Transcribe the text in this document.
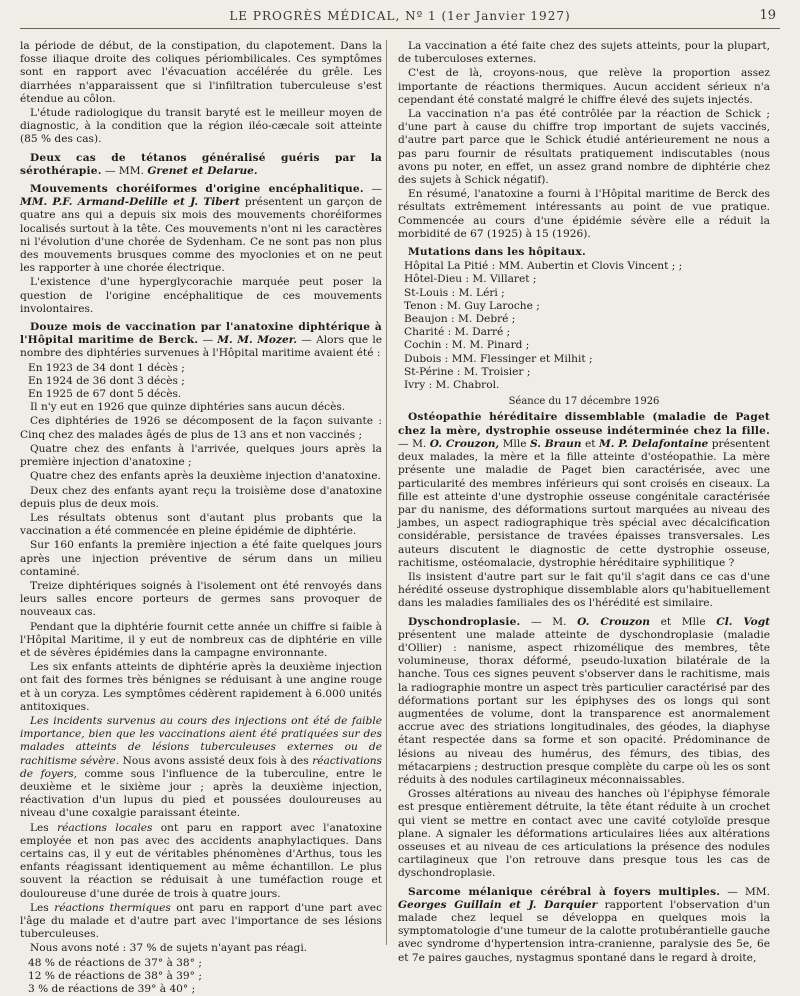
LE PROGRÈS MÉDICAL, Nº 1 (1er Janvier 1927)	19

la période de début, de la constipation, du clapotement. Dans la fosse iliaque droite des coliques périombilicales. Ces symptômes sont en rapport avec l'évacuation accélérée du grêle. Les diarrhées n'apparaissent que si l'infiltration tuberculeuse s'est étendue au côlon.

L'étude radiologique du transit baryté est le meilleur moyen de diagnostic, à la condition que la région iléo-cæcale soit atteinte (85 % des cas).

Deux cas de tétanos généralisé guéris par la sérothérapie. — MM. Grenet et Delarue.

Mouvements choréiformes d'origine encéphalitique. — MM. P.F. Armand-Delille et J. Tibert présentent un garçon de quatre ans qui a depuis six mois des mouvements choréiformes localisés surtout à la tête. Ces mouvements n'ont ni les caractères ni l'évolution d'une chorée de Sydenham. Ce ne sont pas non plus des mouvements brusques comme des myoclonies et on ne peut les rapporter à une chorée électrique.

L'existence d'une hyperglycorachie marquée peut poser la question de l'origine encéphalitique de ces mouvements involontaires.

Douze mois de vaccination par l'anatoxine diphtérique à l'Hôpital maritime de Berck. — M. M. Mozer. — Alors que le nombre des diphtéries survenues à l'Hôpital maritime avaient été :

En 1923 de 34 dont 1 décès ;
En 1924 de 36 dont 3 décès ;
En 1925 de 67 dont 5 décès.

Il n'y eut en 1926 que quinze diphtéries sans aucun décès.

Ces diphtéries de 1926 se décomposent de la façon suivante : Cinq chez des malades âgés de plus de 13 ans et non vaccinés ;

Quatre chez des enfants à l'arrivée, quelques jours après la première injection d'anatoxine ;

Quatre chez des enfants après la deuxième injection d'anatoxine.

Deux chez des enfants ayant reçu la troisième dose d'anatoxine depuis plus de deux mois.

Les résultats obtenus sont d'autant plus probants que la vaccination a été commencée en pleine épidémie de diphtérie.

Sur 160 enfants la première injection a été faite quelques jours après une injection préventive de sérum dans un milieu contaminé.

Treize diphtériques soignés à l'isolement ont été renvoyés dans leurs salles encore porteurs de germes sans provoquer de nouveaux cas.

Pendant que la diphtérie fournit cette année un chiffre si faible à l'Hôpital Maritime, il y eut de nombreux cas de diphtérie en ville et de sévères épidémies dans la campagne environnante.

Les six enfants atteints de diphtérie après la deuxième injection ont fait des formes très bénignes se réduisant à une angine rouge et à un coryza. Les symptômes cédèrent rapidement à 6.000 unités antitoxiques.

Les incidents survenus au cours des injections ont été de faible importance, bien que les vaccinations aient été pratiquées sur des malades atteints de lésions tuberculeuses externes ou de rachitisme sévère. Nous avons assisté deux fois à des réactivations de foyers, comme sous l'influence de la tuberculine, entre le deuxième et le sixième jour ; après la deuxième injection, réactivation d'un lupus du pied et poussées douloureuses au niveau d'une coxalgie paraissant éteinte.

Les réactions locales ont paru en rapport avec l'anatoxine employée et non pas avec des accidents anaphylactiques. Dans certains cas, il y eut de véritables phénomènes d'Arthus, tous les enfants réagissant identiquement au même échantillon. Le plus souvent la réaction se réduisait à une tuméfaction rouge et douloureuse d'une durée de trois à quatre jours.

Les réactions thermiques ont paru en rapport d'une part avec l'âge du malade et d'autre part avec l'importance de ses lésions tuberculeuses.

Nous avons noté : 37 % de sujets n'ayant pas réagi.

48 % de réactions de 37° à 38° ;
12 % de réactions de 38° à 39° ;
3 % de réactions de 39° à 40° ;

La vaccination a été faite chez des sujets atteints, pour la plupart, de tuberculoses externes.

C'est de là, croyons-nous, que relève la proportion assez importante de réactions thermiques. Aucun accident sérieux n'a cependant été constaté malgré le chiffre élevé des sujets injectés.

La vaccination n'a pas été contrôlée par la réaction de Schick ; d'une part à cause du chiffre trop important de sujets vaccinés, d'autre part parce que le Schick étudié antérieurement ne nous a pas paru fournir de résultats pratiquement indiscutables (nous avons pu noter, en effet, un assez grand nombre de diphtérie chez des sujets à Schick négatif).

En résumé, l'anatoxine a fourni à l'Hôpital maritime de Berck des résultats extrêmement intéressants au point de vue pratique. Commencée au cours d'une épidémie sévère elle a réduit la morbidité de 67 (1925) à 15 (1926).

Mutations dans les hôpitaux.

Hôpital La Pitié : MM. Aubertin et Clovis Vincent ; ;
Hôtel-Dieu : M. Villaret ;
St-Louis : M. Léri ;
Tenon : M. Guy Laroche ;
Beaujon : M. Debré ;
Charité : M. Darré ;
Cochin : M. M. Pinard ;
Dubois : MM. Flessinger et Milhit ;
St-Périne : M. Troisier ;
Ivry : M. Chabrol.

Séance du 17 décembre 1926

Ostéopathie héréditaire dissemblable (maladie de Paget chez la mère, dystrophie osseuse indéterminée chez la fille. — M. O. Crouzon, Mlle S. Braun et M. P. Delafontaine présentent deux malades, la mère et la fille atteinte d'ostéopathie. La mère présente une maladie de Paget bien caractérisée, avec une particularité des membres inférieurs qui sont croisés en ciseaux. La fille est atteinte d'une dystrophie osseuse congénitale caractérisée par du nanisme, des déformations surtout marquées au niveau des jambes, un aspect radiographique très spécial avec décalcification considérable, persistance de travées épaisses transversales. Les auteurs discutent le diagnostic de cette dystrophie osseuse, rachitisme, ostéomalacie, dystrophie héréditaire syphilitique ?

Ils insistent d'autre part sur le fait qu'il s'agit dans ce cas d'une hérédité osseuse dystrophique dissemblable alors qu'habituellement dans les maladies familiales des os l'hérédité est similaire.

Dyschondroplasie. — M. O. Crouzon et Mlle Cl. Vogt présentent une malade atteinte de dyschondroplasie (maladie d'Ollier) : nanisme, aspect rhizomélique des membres, tête volumineuse, thorax déformé, pseudo-luxation bilatérale de la hanche. Tous ces signes peuvent s'observer dans le rachitisme, mais la radiographie montre un aspect très particulier caractérisé par des déformations portant sur les épiphyses des os longs qui sont augmentées de volume, dont la transparence est anormalement accrue avec des striations longitudinales, des géodes, la diaphyse étant respectée dans sa forme et son opacité. Prédominance de lésions au niveau des humérus, des fémurs, des tibias, des métacarpiens ; destruction presque complète du carpe où les os sont réduits à des nodules cartilagineux méconnaissables.

Grosses altérations au niveau des hanches où l'épiphyse fémorale est presque entièrement détruite, la tête étant réduite à un crochet qui vient se mettre en contact avec une cavité cotyloïde presque plane. A signaler les déformations articulaires liées aux altérations osseuses et au niveau de ces articulations la présence des nodules cartilagineux que l'on retrouve dans presque tous les cas de dyschondroplasie.

Sarcome mélanique cérébral à foyers multiples. — MM. Georges Guillain et J. Darquier rapportent l'observation d'un malade chez lequel se développa en quelques mois la symptomatologie d'une tumeur de la calotte protubérantielle gauche avec syndrome d'hypertension intra-cranienne, paralysie des 5e, 6e et 7e paires gauches, nystagmus spontané dans le regard à droite,
